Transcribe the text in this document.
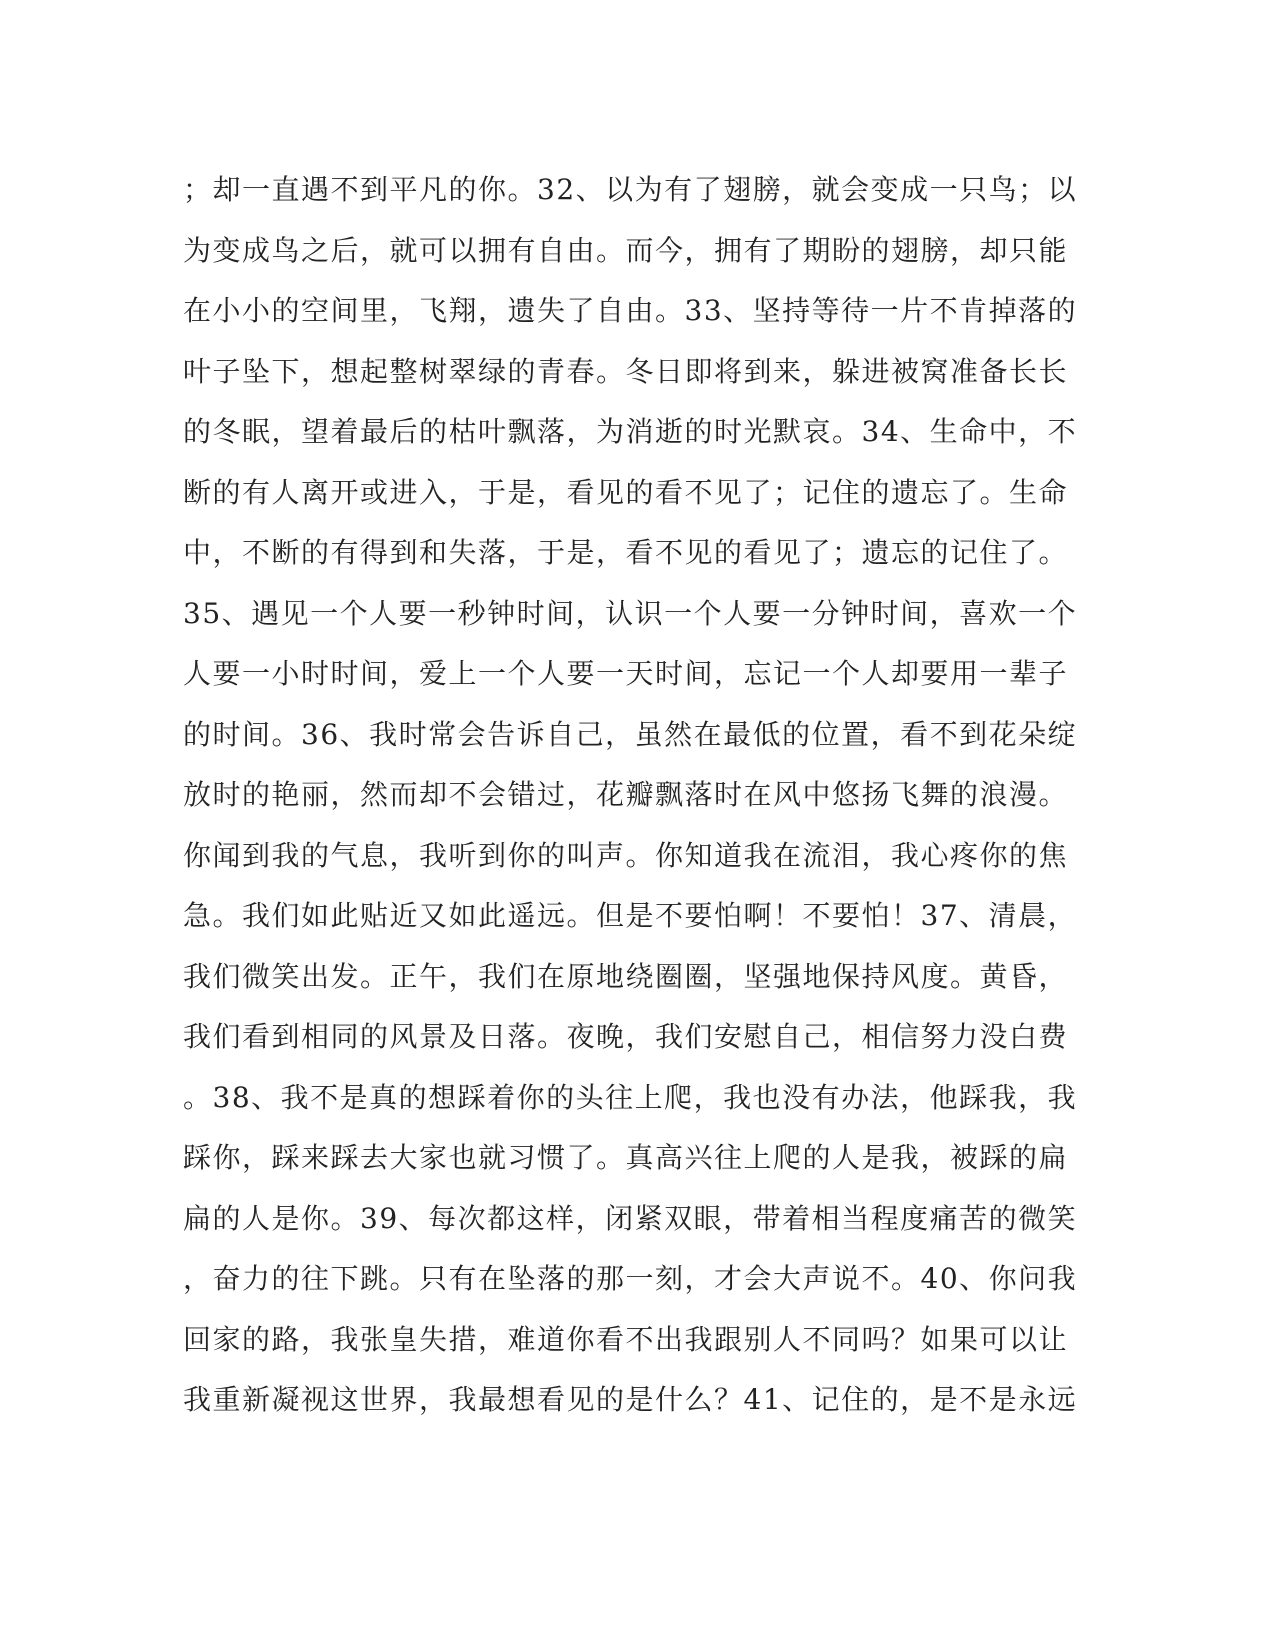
；却一直遇不到平凡的你。32、以为有了翅膀，就会变成一只鸟；以
为变成鸟之后，就可以拥有自由。而今，拥有了期盼的翅膀，却只能
在小小的空间里，飞翔，遗失了自由。33、坚持等待一片不肯掉落的
叶子坠下，想起整树翠绿的青春。冬日即将到来，躲进被窝准备长长
的冬眠，望着最后的枯叶飘落，为消逝的时光默哀。34、生命中，不
断的有人离开或进入，于是，看见的看不见了；记住的遗忘了。生命
中，不断的有得到和失落，于是，看不见的看见了；遗忘的记住了。
35、遇见一个人要一秒钟时间，认识一个人要一分钟时间，喜欢一个
人要一小时时间，爱上一个人要一天时间，忘记一个人却要用一辈子
的时间。36、我时常会告诉自己，虽然在最低的位置，看不到花朵绽
放时的艳丽，然而却不会错过，花瓣飘落时在风中悠扬飞舞的浪漫。
你闻到我的气息，我听到你的叫声。你知道我在流泪，我心疼你的焦
急。我们如此贴近又如此遥远。但是不要怕啊！不要怕！37、清晨，
我们微笑出发。正午，我们在原地绕圈圈，坚强地保持风度。黄昏，
我们看到相同的风景及日落。夜晚，我们安慰自己，相信努力没白费
。38、我不是真的想踩着你的头往上爬，我也没有办法，他踩我，我
踩你，踩来踩去大家也就习惯了。真高兴往上爬的人是我，被踩的扁
扁的人是你。39、每次都这样，闭紧双眼，带着相当程度痛苦的微笑
，奋力的往下跳。只有在坠落的那一刻，才会大声说不。40、你问我
回家的路，我张皇失措，难道你看不出我跟别人不同吗？如果可以让
我重新凝视这世界，我最想看见的是什么？41、记住的，是不是永远
